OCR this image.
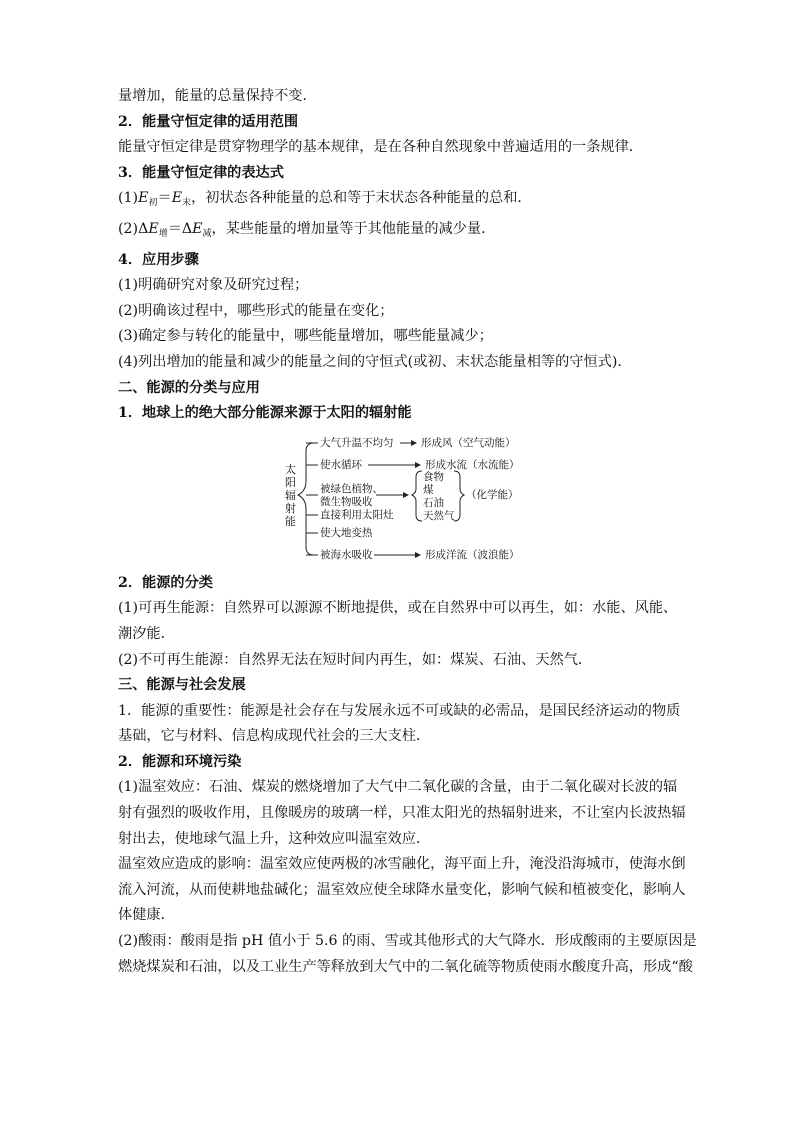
量增加，能量的总量保持不变．

2．能量守恒定律的适用范围

能量守恒定律是贯穿物理学的基本规律，是在各种自然现象中普遍适用的一条规律．

3．能量守恒定律的表达式

$(1)E_初=E_末$，初状态各种能量的总和等于末状态各种能量的总和．

$(2)\Delta E_增=\Delta E_减$，某些能量的增加量等于其他能量的减少量．

4．应用步骤

(1)明确研究对象及研究过程；

(2)明确该过程中，哪些形式的能量在变化；

(3)确定参与转化的能量中，哪些能量增加，哪些能量减少；

(4)列出增加的能量和减少的能量之间的守恒式(或初、末状态能量相等的守恒式)．

二、能源的分类与应用

1．地球上的绝大部分能源来源于太阳的辐射能

太
阳
辐
射
能
大气升温不均匀	形成风（空气动能）
使水循环	形成水流（水流能）
被绿色植物、
微生物吸收
食物
煤
石油
天然气
（化学能）
直接利用太阳灶
使大地变热
被海水吸收	形成洋流（波浪能）

2．能源的分类

(1)可再生能源：自然界可以源源不断地提供，或在自然界中可以再生，如：水能、风能、

潮汐能．

(2)不可再生能源：自然界无法在短时间内再生，如：煤炭、石油、天然气．

三、能源与社会发展

1．能源的重要性：能源是社会存在与发展永远不可或缺的必需品，是国民经济运动的物质

基础，它与材料、信息构成现代社会的三大支柱．

2．能源和环境污染

(1)温室效应：石油、煤炭的燃烧增加了大气中二氧化碳的含量，由于二氧化碳对长波的辐

射有强烈的吸收作用，且像暖房的玻璃一样，只准太阳光的热辐射进来，不让室内长波热辐

射出去，使地球气温上升，这种效应叫温室效应．

温室效应造成的影响：温室效应使两极的冰雪融化，海平面上升，淹没沿海城市，使海水倒

流入河流，从而使耕地盐碱化；温室效应使全球降水量变化，影响气候和植被变化，影响人

体健康．

(2)酸雨：酸雨是指 pH 值小于 5.6 的雨、雪或其他形式的大气降水．形成酸雨的主要原因是

燃烧煤炭和石油，以及工业生产等释放到大气中的二氧化硫等物质使雨水酸度升高，形成“酸
